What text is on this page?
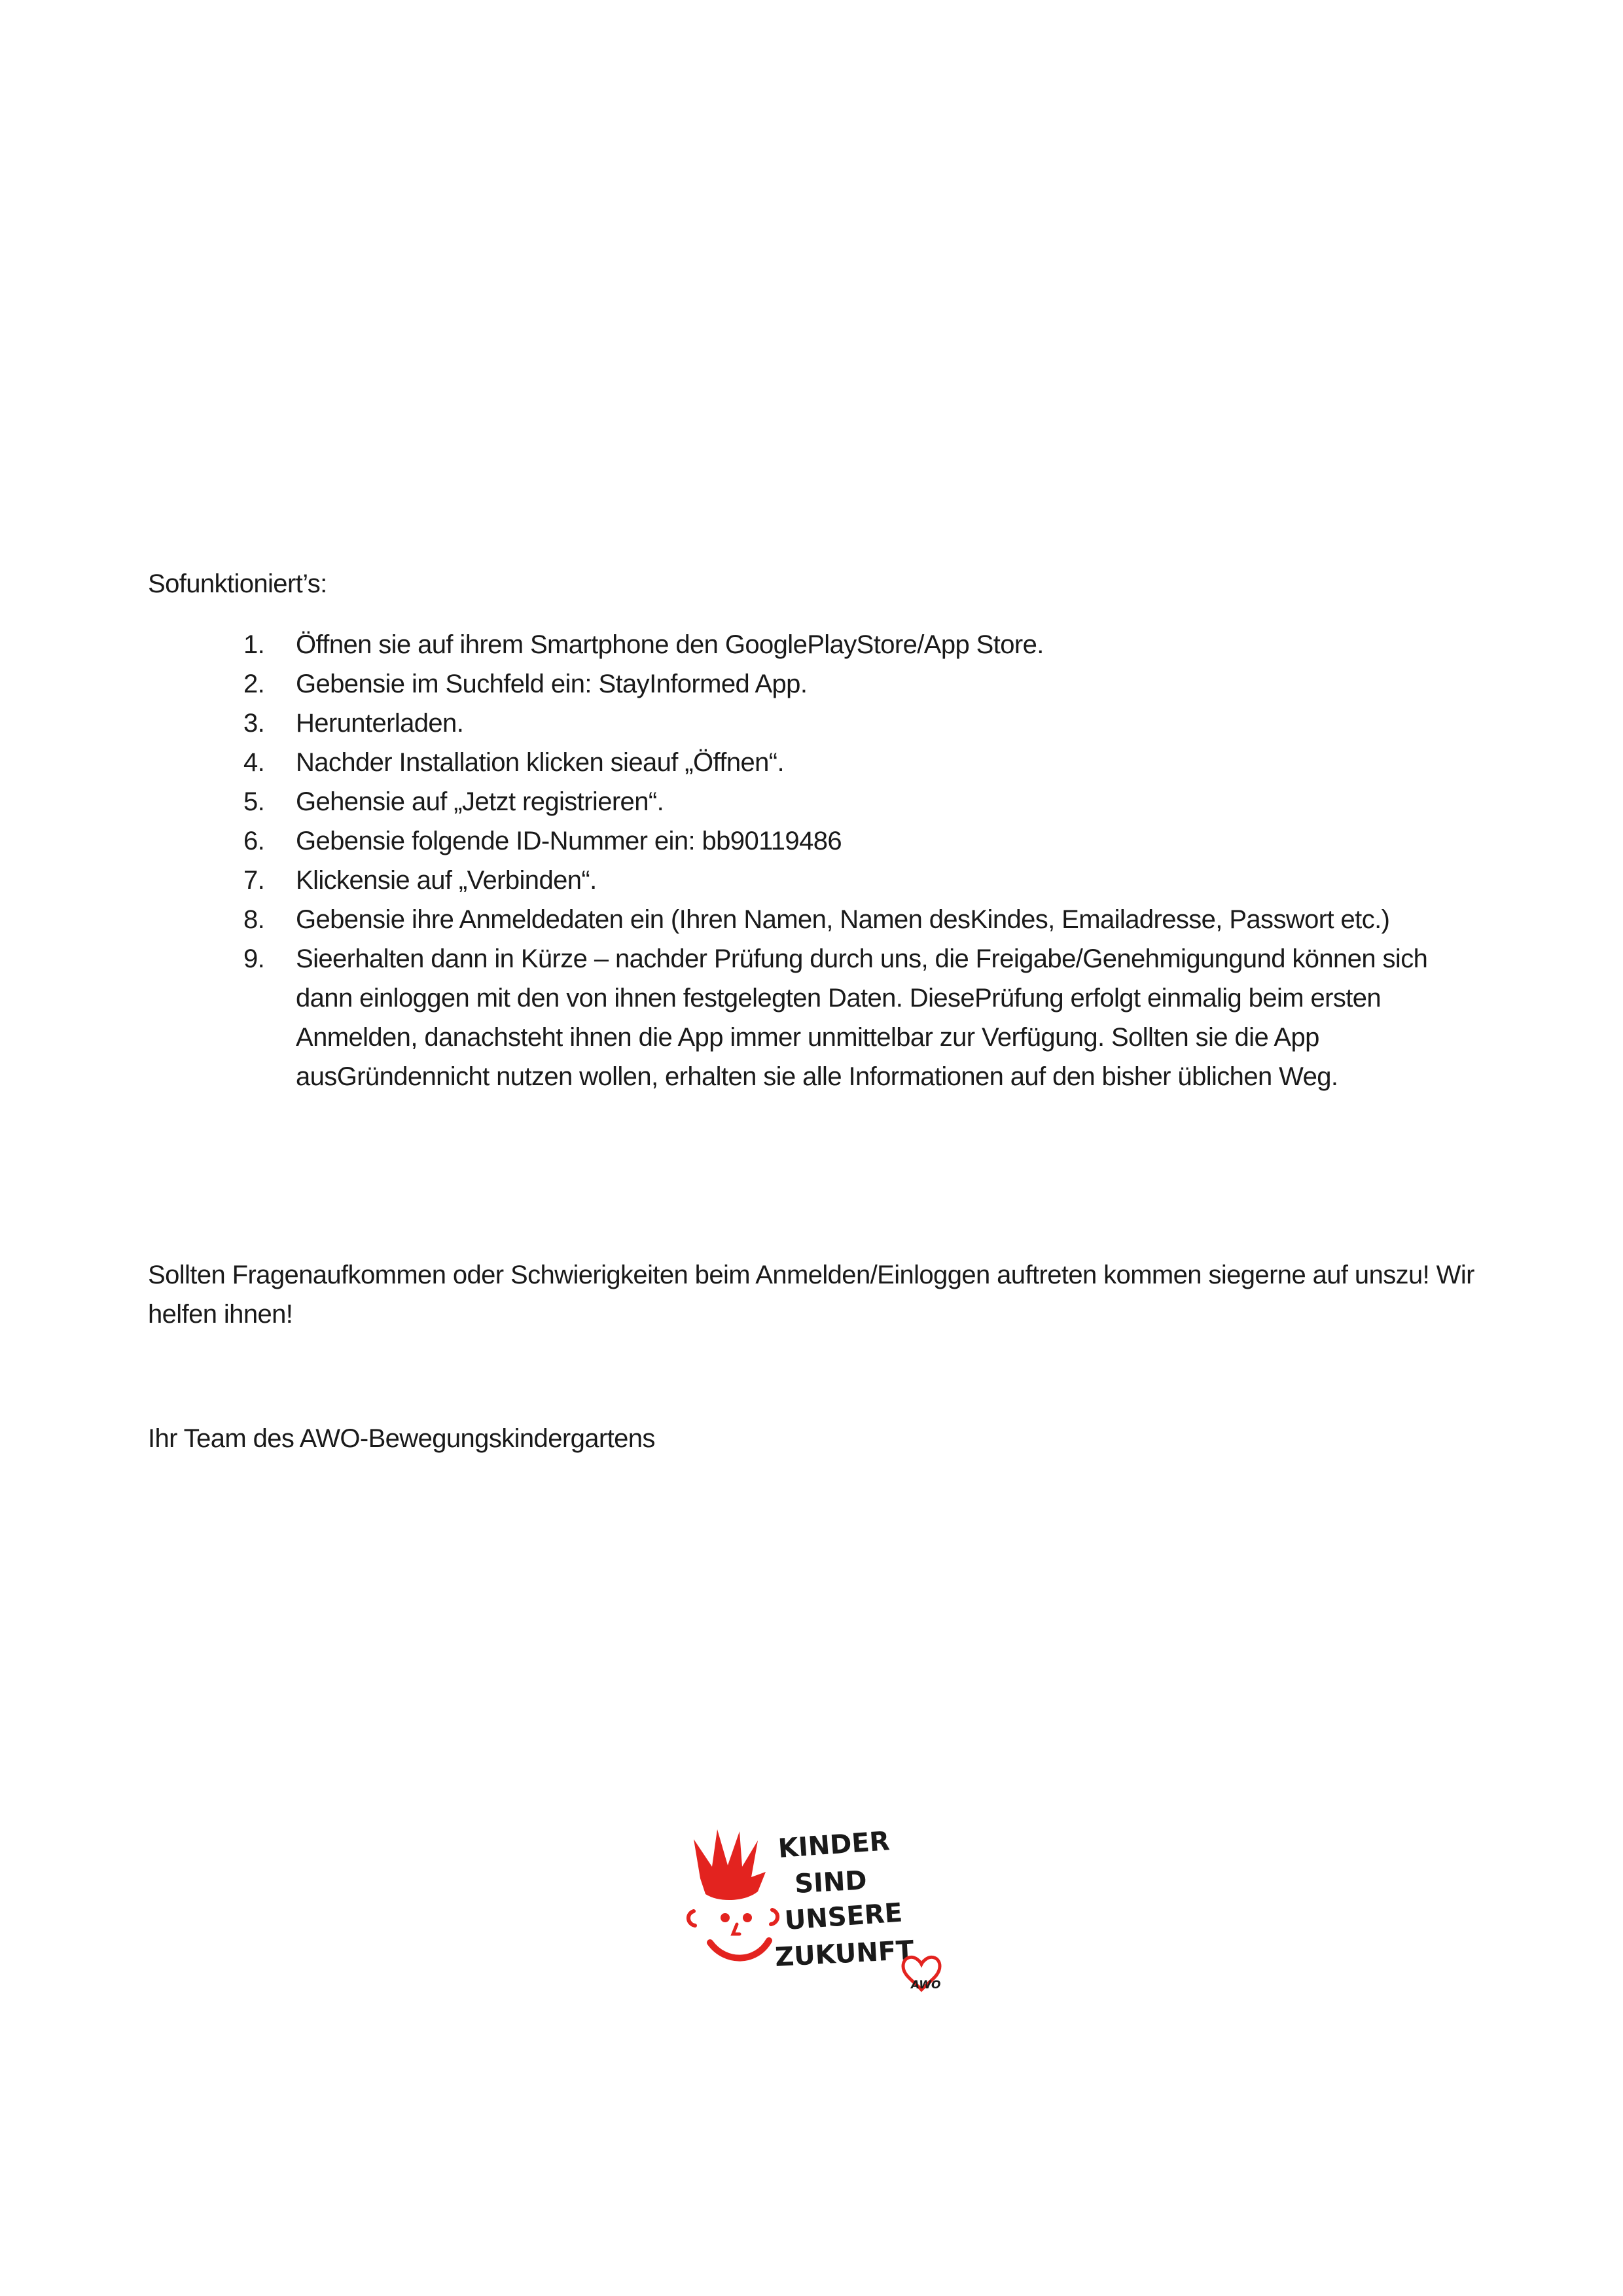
Sofunktioniert’s:
1.	Öffnen sie auf ihrem Smartphone den GooglePlayStore/App Store.
2.	Gebensie im Suchfeld ein: StayInformed App.
3.	Herunterladen.
4.	Nachder Installation klicken sieauf „Öffnen“.
5.	Gehensie auf „Jetzt registrieren“.
6.	Gebensie folgende ID-Nummer ein: bb90119486
7.	Klickensie auf „Verbinden“.
8.	Gebensie ihre Anmeldedaten ein (Ihren Namen, Namen desKindes, Emailadresse, Passwort etc.)
9.	Sieerhalten dann in Kürze – nachder Prüfung durch uns, die Freigabe/Genehmigungund können sich dann einloggen mit den von ihnen festgelegten Daten. DiesePrüfung erfolgt einmalig beim ersten Anmelden, danachsteht ihnen die App immer unmittelbar zur Verfügung. Sollten sie die App ausGründennicht nutzen wollen, erhalten sie alle Informationen auf den bisher üblichen Weg.
Sollten Fragenaufkommen oder Schwierigkeiten beim Anmelden/Einloggen auftreten kommen siegerne auf unszu! Wir helfen ihnen!
Ihr Team des AWO-Bewegungskindergartens
KINDER
SIND
UNSERE
ZUKUNFT
AWO
